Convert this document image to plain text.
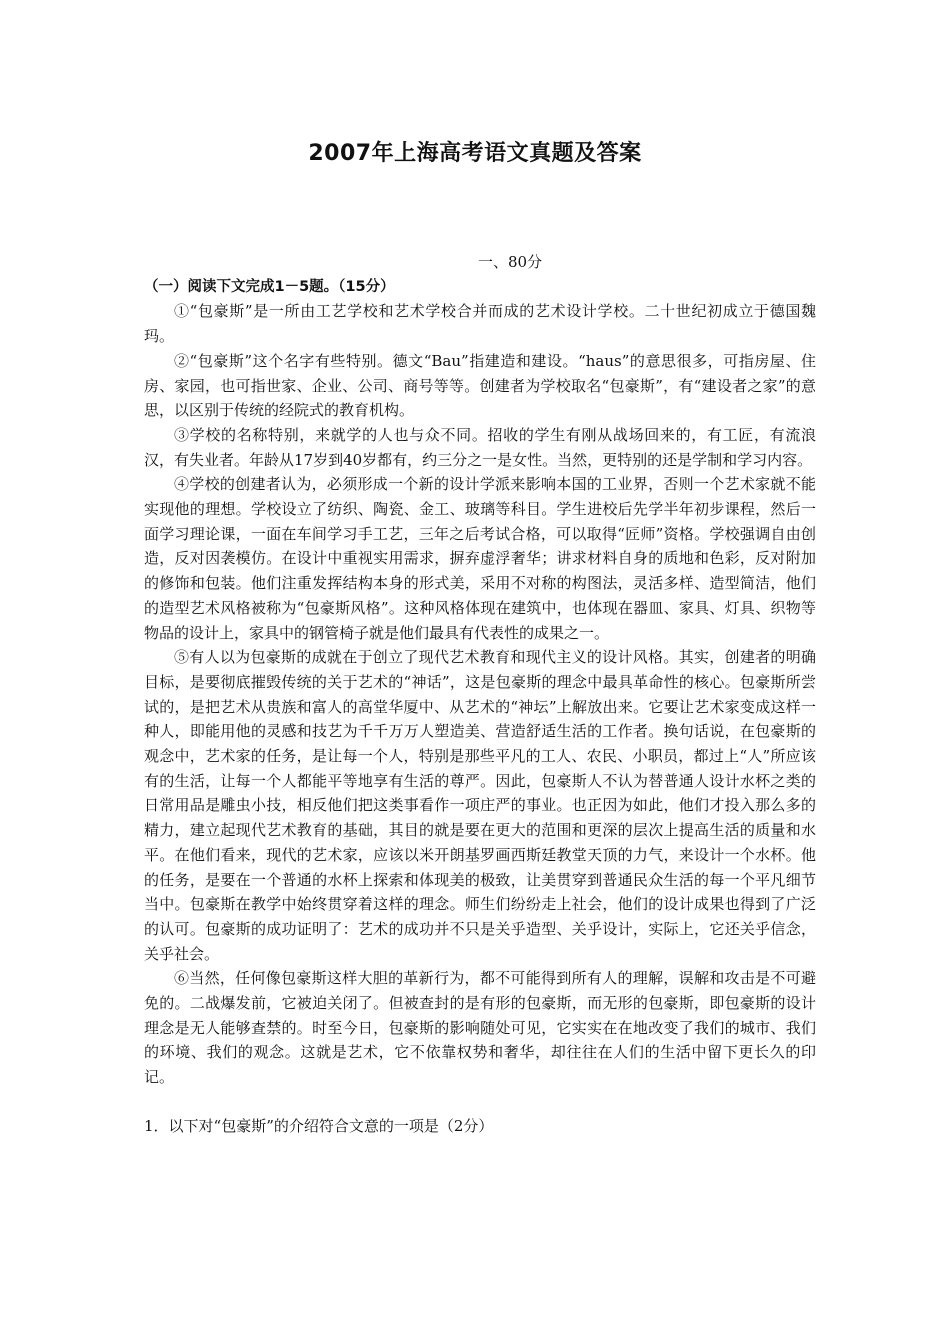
2007年上海高考语文真题及答案
一、80分
（一）阅读下文完成1－5题。（15分）

①“包豪斯”是一所由工艺学校和艺术学校合并而成的艺术设计学校。二十世纪初成立于德国魏玛。

②“包豪斯”这个名字有些特别。德文“Bau”指建造和建设。“haus”的意思很多，可指房屋、住房、家园，也可指世家、企业、公司、商号等等。创建者为学校取名“包豪斯”，有“建设者之家”的意思，以区别于传统的经院式的教育机构。

③学校的名称特别，来就学的人也与众不同。招收的学生有刚从战场回来的，有工匠，有流浪汉，有失业者。年龄从17岁到40岁都有，约三分之一是女性。当然，更特别的还是学制和学习内容。

④学校的创建者认为，必须形成一个新的设计学派来影响本国的工业界，否则一个艺术家就不能实现他的理想。学校设立了纺织、陶瓷、金工、玻璃等科目。学生进校后先学半年初步课程，然后一面学习理论课，一面在车间学习手工艺，三年之后考试合格，可以取得“匠师”资格。学校强调自由创造，反对因袭模仿。在设计中重视实用需求，摒弃虚浮奢华；讲求材料自身的质地和色彩，反对附加的修饰和包装。他们注重发挥结构本身的形式美，采用不对称的构图法，灵活多样、造型简洁，他们的造型艺术风格被称为“包豪斯风格”。这种风格体现在建筑中，也体现在器皿、家具、灯具、织物等物品的设计上，家具中的钢管椅子就是他们最具有代表性的成果之一。

⑤有人以为包豪斯的成就在于创立了现代艺术教育和现代主义的设计风格。其实，创建者的明确目标，是要彻底摧毁传统的关于艺术的“神话”，这是包豪斯的理念中最具革命性的核心。包豪斯所尝试的，是把艺术从贵族和富人的高堂华厦中、从艺术的“神坛”上解放出来。它要让艺术家变成这样一种人，即能用他的灵感和技艺为千千万万人塑造美、营造舒适生活的工作者。换句话说，在包豪斯的观念中，艺术家的任务，是让每一个人，特别是那些平凡的工人、农民、小职员，都过上“人”所应该有的生活，让每一个人都能平等地享有生活的尊严。因此，包豪斯人不认为替普通人设计水杯之类的日常用品是雕虫小技，相反他们把这类事看作一项庄严的事业。也正因为如此，他们才投入那么多的精力，建立起现代艺术教育的基础，其目的就是要在更大的范围和更深的层次上提高生活的质量和水平。在他们看来，现代的艺术家，应该以米开朗基罗画西斯廷教堂天顶的力气，来设计一个水杯。他的任务，是要在一个普通的水杯上探索和体现美的极致，让美贯穿到普通民众生活的每一个平凡细节当中。包豪斯在教学中始终贯穿着这样的理念。师生们纷纷走上社会，他们的设计成果也得到了广泛的认可。包豪斯的成功证明了：艺术的成功并不只是关乎造型、关乎设计，实际上，它还关乎信念，关乎社会。

⑥当然，任何像包豪斯这样大胆的革新行为，都不可能得到所有人的理解，误解和攻击是不可避免的。二战爆发前，它被迫关闭了。但被查封的是有形的包豪斯，而无形的包豪斯，即包豪斯的设计理念是无人能够查禁的。时至今日，包豪斯的影响随处可见，它实实在在地改变了我们的城市、我们的环境、我们的观念。这就是艺术，它不依靠权势和奢华，却往往在人们的生活中留下更长久的印记。

1．以下对“包豪斯”的介绍符合文意的一项是（2分）
